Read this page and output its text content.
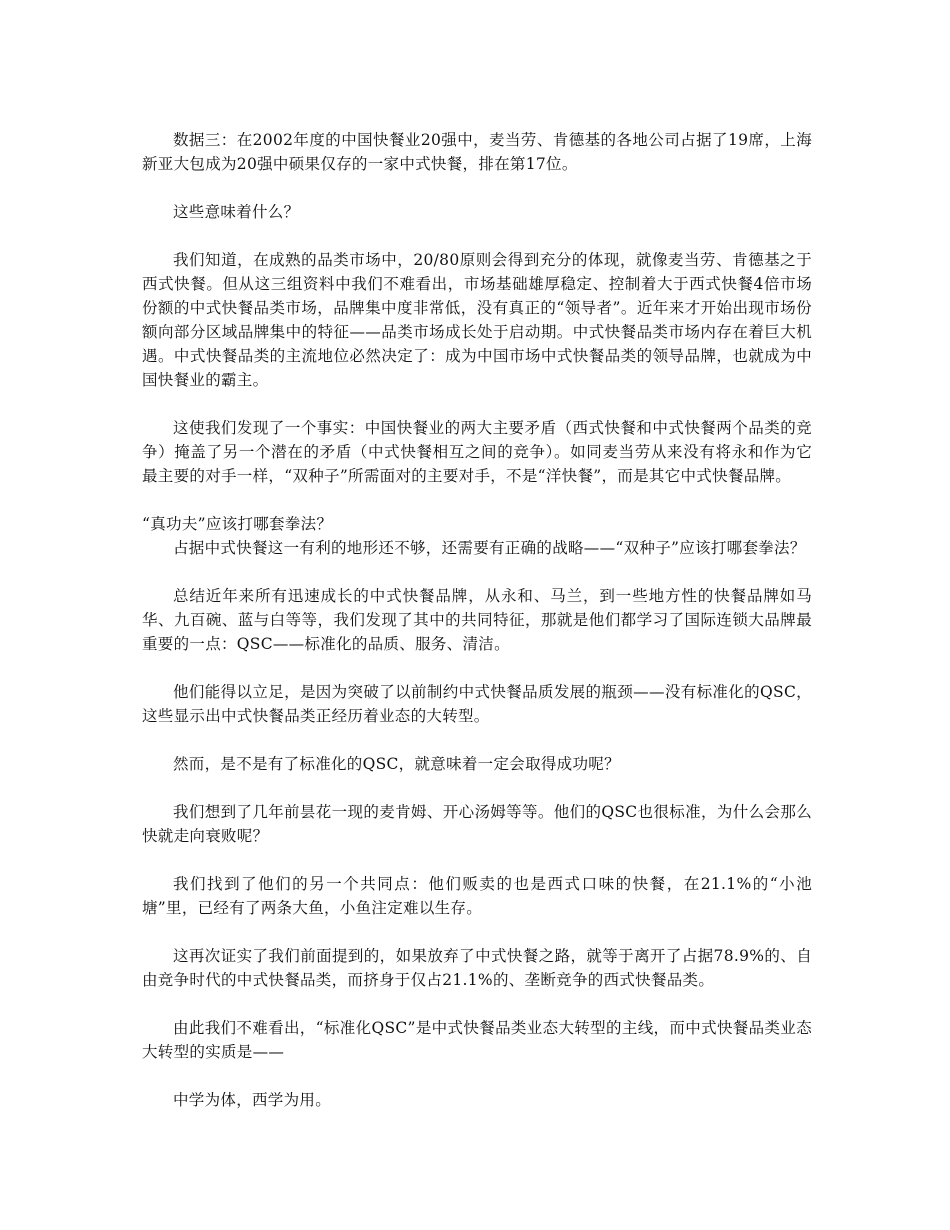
数据三：在2002年度的中国快餐业20强中，麦当劳、肯德基的各地公司占据了19席，上海新亚大包成为20强中硕果仅存的一家中式快餐，排在第17位。

这些意味着什么？

我们知道，在成熟的品类市场中，20/80原则会得到充分的体现，就像麦当劳、肯德基之于西式快餐。但从这三组资料中我们不难看出，市场基础雄厚稳定、控制着大于西式快餐4倍市场份额的中式快餐品类市场，品牌集中度非常低，没有真正的“领导者”。近年来才开始出现市场份额向部分区域品牌集中的特征——品类市场成长处于启动期。中式快餐品类市场内存在着巨大机遇。中式快餐品类的主流地位必然决定了：成为中国市场中式快餐品类的领导品牌，也就成为中国快餐业的霸主。

这使我们发现了一个事实：中国快餐业的两大主要矛盾（西式快餐和中式快餐两个品类的竞争）掩盖了另一个潜在的矛盾（中式快餐相互之间的竞争）。如同麦当劳从来没有将永和作为它最主要的对手一样，“双种子”所需面对的主要对手，不是“洋快餐”，而是其它中式快餐品牌。

“真功夫”应该打哪套拳法？

占据中式快餐这一有利的地形还不够，还需要有正确的战略——“双种子”应该打哪套拳法？

总结近年来所有迅速成长的中式快餐品牌，从永和、马兰，到一些地方性的快餐品牌如马华、九百碗、蓝与白等等，我们发现了其中的共同特征，那就是他们都学习了国际连锁大品牌最重要的一点：QSC——标准化的品质、服务、清洁。

他们能得以立足，是因为突破了以前制约中式快餐品质发展的瓶颈——没有标准化的QSC，这些显示出中式快餐品类正经历着业态的大转型。

然而，是不是有了标准化的QSC，就意味着一定会取得成功呢？

我们想到了几年前昙花一现的麦肯姆、开心汤姆等等。他们的QSC也很标准，为什么会那么快就走向衰败呢？

我们找到了他们的另一个共同点：他们贩卖的也是西式口味的快餐，在21.1%的“小池塘”里，已经有了两条大鱼，小鱼注定难以生存。

这再次证实了我们前面提到的，如果放弃了中式快餐之路，就等于离开了占据78.9%的、自由竞争时代的中式快餐品类，而挤身于仅占21.1%的、垄断竞争的西式快餐品类。

由此我们不难看出，“标准化QSC”是中式快餐品类业态大转型的主线，而中式快餐品类业态大转型的实质是——

中学为体，西学为用。
